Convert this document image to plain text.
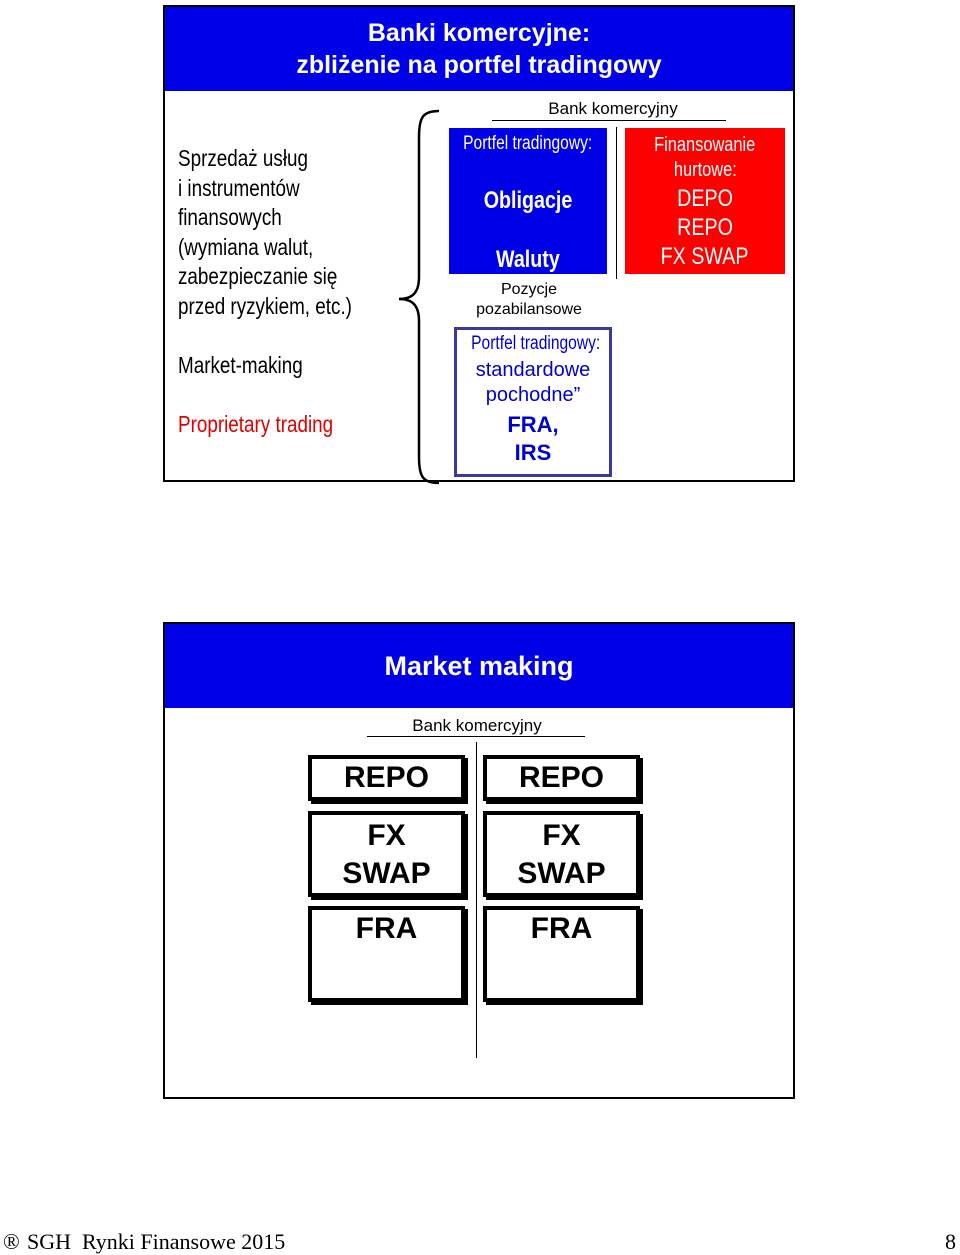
Banki komercyjne:
zbliżenie na portfel tradingowy
Sprzedaż usług
i instrumentów
finansowych
(wymiana walut,
zabezpieczanie się
przed ryzykiem, etc.)
Market-making
Proprietary trading
Bank komercyjny
Portfel tradingowy:
Obligacje
Waluty
Pozycje
pozabilansowe
Portfel tradingowy:
standardowe
pochodne”
FRA,
IRS
Finansowanie
hurtowe:
DEPO
REPO
FX SWAP
Market making
Bank komercyjny
REPO
FX
SWAP
FRA
REPO
FX
SWAP
FRA
® SGH  Rynki Finansowe 2015	8
